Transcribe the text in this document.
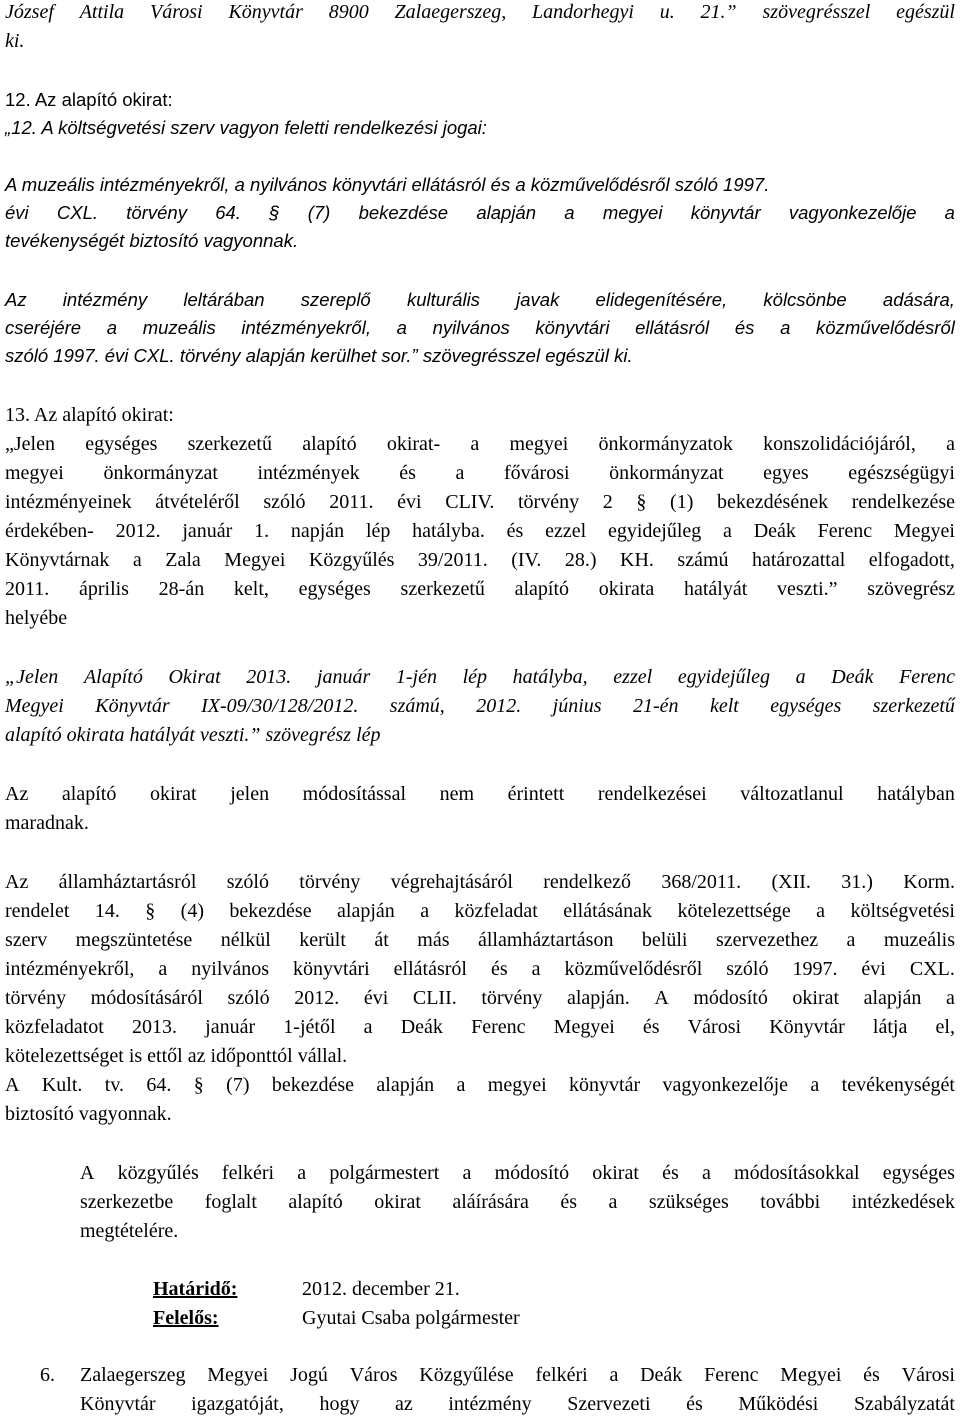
József Attila Városi Könyvtár 8900 Zalaegerszeg, Landorhegyi u. 21.” szövegrésszel egészül
ki.
12. Az alapító okirat:
„12. A költségvetési szerv vagyon feletti rendelkezési jogai:
A muzeális intézményekről, a nyilvános könyvtári ellátásról és a közművelődésről szóló 1997.
évi CXL. törvény 64. § (7) bekezdése alapján a megyei könyvtár vagyonkezelője a
tevékenységét biztosító vagyonnak.
Az intézmény leltárában szereplő kulturális javak elidegenítésére, kölcsönbe adására,
cseréjére a muzeális intézményekről, a nyilvános könyvtári ellátásról és a közművelődésről
szóló 1997. évi CXL. törvény alapján kerülhet sor.” szövegrésszel egészül ki.
13. Az alapító okirat:
„Jelen egységes szerkezetű alapító okirat- a megyei önkormányzatok konszolidációjáról, a
megyei önkormányzat intézmények és a fővárosi önkormányzat egyes egészségügyi
intézményeinek átvételéről szóló 2011. évi CLIV. törvény 2 § (1) bekezdésének rendelkezése
érdekében- 2012. január 1. napján lép hatályba. és ezzel egyidejűleg a Deák Ferenc Megyei
Könyvtárnak a Zala Megyei Közgyűlés 39/2011. (IV. 28.) KH. számú határozattal elfogadott,
2011. április 28-án kelt, egységes szerkezetű alapító okirata hatályát veszti.” szövegrész
helyébe
„Jelen Alapító Okirat 2013. január 1-jén lép hatályba, ezzel egyidejűleg a Deák Ferenc
Megyei Könyvtár IX-09/30/128/2012. számú, 2012. június 21-én kelt egységes szerkezetű
alapító okirata hatályát veszti.” szövegrész lép
Az alapító okirat jelen módosítással nem érintett rendelkezései változatlanul hatályban
maradnak.
Az államháztartásról szóló törvény végrehajtásáról rendelkező 368/2011. (XII. 31.) Korm.
rendelet 14. § (4) bekezdése alapján a közfeladat ellátásának kötelezettsége a költségvetési
szerv megszüntetése nélkül került át más államháztartáson belüli szervezethez a muzeális
intézményekről, a nyilvános könyvtári ellátásról és a közművelődésről szóló 1997. évi CXL.
törvény módosításáról szóló 2012. évi CLII. törvény alapján. A módosító okirat alapján a
közfeladatot 2013. január 1-jétől a Deák Ferenc Megyei és Városi Könyvtár látja el,
kötelezettséget is ettől az időponttól vállal.
A Kult. tv. 64. § (7) bekezdése alapján a megyei könyvtár vagyonkezelője a tevékenységét
biztosító vagyonnak.
A közgyűlés felkéri a polgármestert a módosító okirat és a módosításokkal egységes
szerkezetbe foglalt alapító okirat aláírására és a szükséges további intézkedések
megtételére.
Határidő:	2012. december 21.
Felelős:	Gyutai Csaba polgármester
6. Zalaegerszeg Megyei Jogú Város Közgyűlése felkéri a Deák Ferenc Megyei és Városi
Könyvtár igazgatóját, hogy az intézmény Szervezeti és Működési Szabályzatát
